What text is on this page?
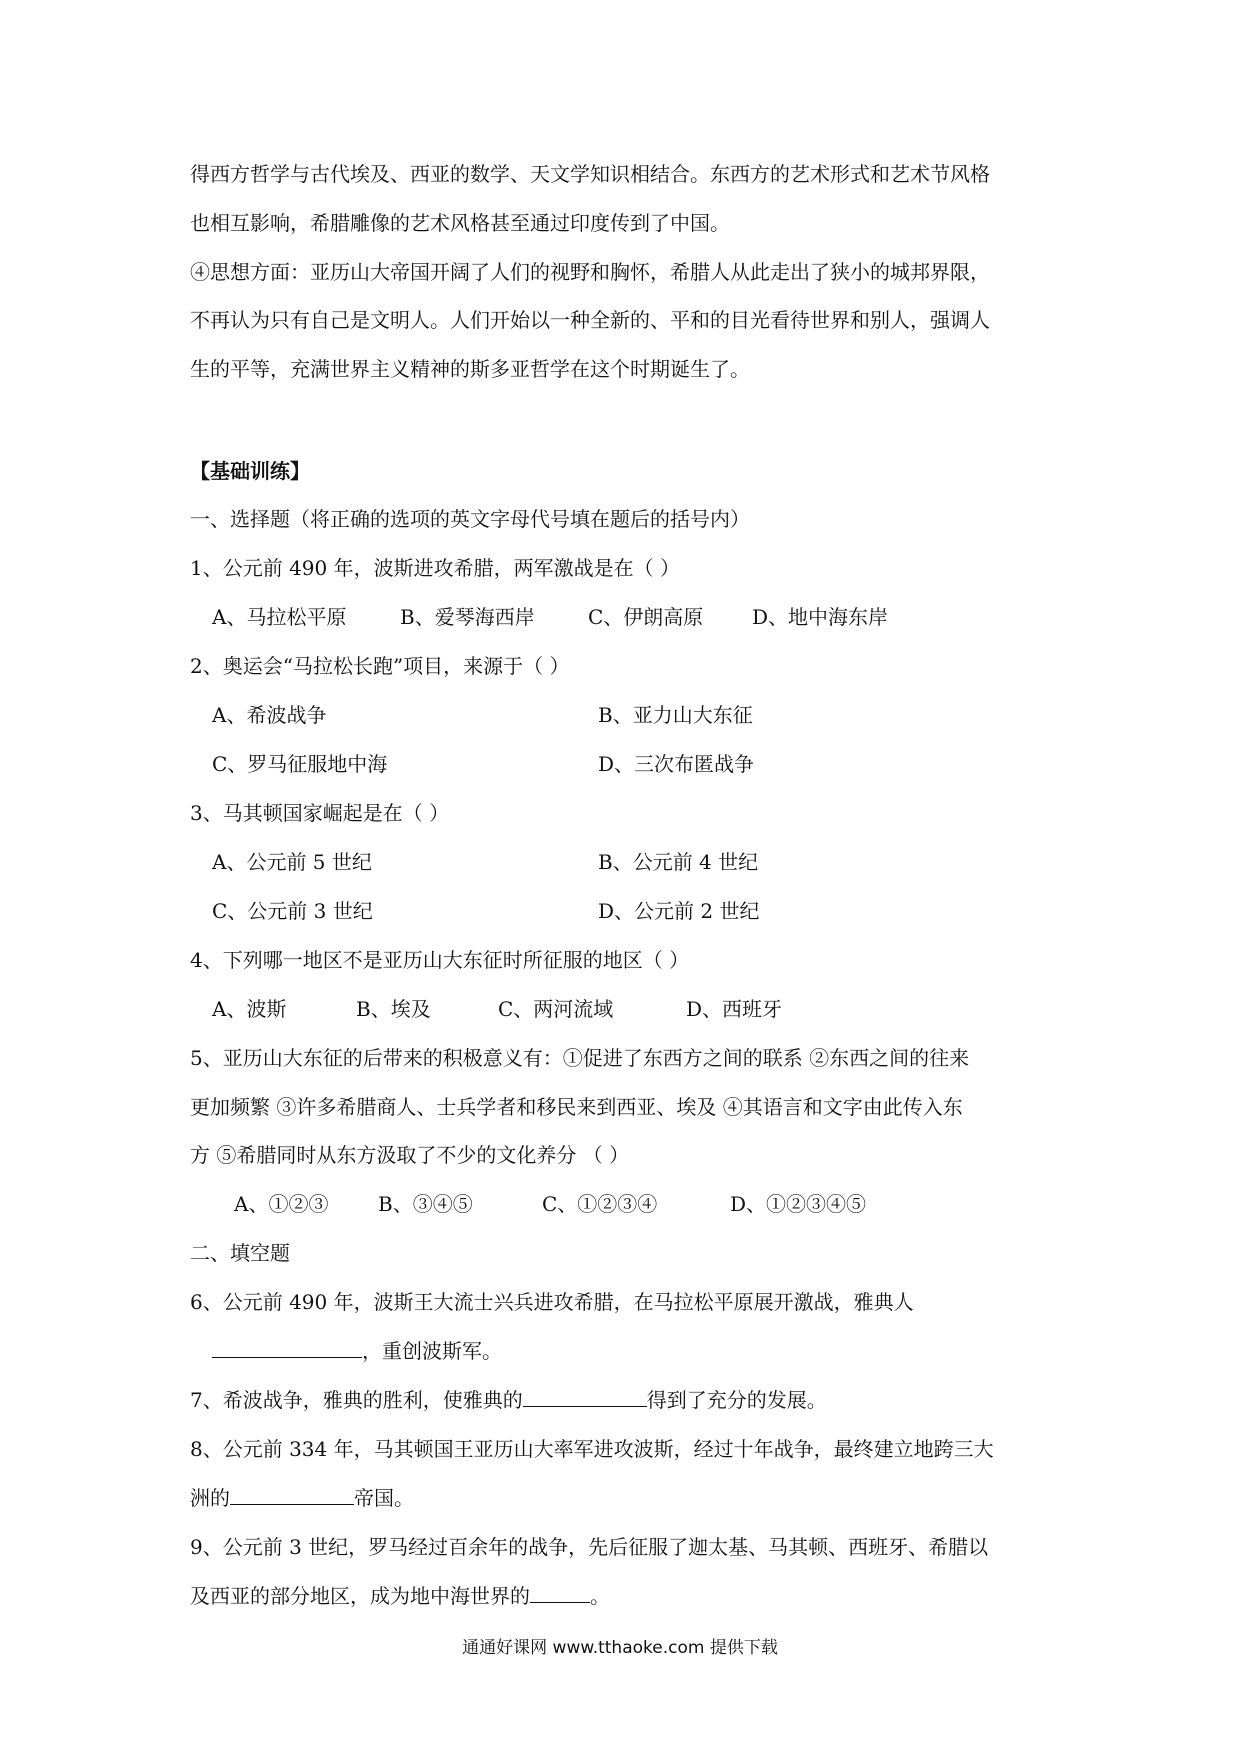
得西方哲学与古代埃及、西亚的数学、天文学知识相结合。东西方的艺术形式和艺术节风格
也相互影响，希腊雕像的艺术风格甚至通过印度传到了中国。
④思想方面：亚历山大帝国开阔了人们的视野和胸怀，希腊人从此走出了狭小的城邦界限，
不再认为只有自己是文明人。人们开始以一种全新的、平和的目光看待世界和别人，强调人
生的平等，充满世界主义精神的斯多亚哲学在这个时期诞生了。
【基础训练】
一、选择题（将正确的选项的英文字母代号填在题后的括号内）
1、公元前 490 年，波斯进攻希腊，两军激战是在（ ）
A、马拉松平原	B、爱琴海西岸	C、伊朗高原 D、地中海东岸
2、奥运会“马拉松长跑”项目，来源于（ ）
A、希波战争	B、亚力山大东征
C、罗马征服地中海	D、三次布匿战争
3、马其顿国家崛起是在（ ）
A、公元前 5 世纪	B、公元前 4 世纪
C、公元前 3 世纪	D、公元前 2 世纪
4、下列哪一地区不是亚历山大东征时所征服的地区（ ）
A、波斯	B、埃及	C、两河流域	D、西班牙
5、亚历山大东征的后带来的积极意义有：①促进了东西方之间的联系 ②东西之间的往来
更加频繁 ③许多希腊商人、士兵学者和移民来到西亚、埃及 ④其语言和文字由此传入东
方 ⑤希腊同时从东方汲取了不少的文化养分 （ ）
A、①②③ B、③④⑤	C、①②③④	D、①②③④⑤
二、填空题
6、公元前 490 年，波斯王大流士兴兵进攻希腊，在马拉松平原展开激战，雅典人
，重创波斯军。
7、希波战争，雅典的胜利，使雅典的	得到了充分的发展。
8、公元前 334 年，马其顿国王亚历山大率军进攻波斯，经过十年战争，最终建立地跨三大
洲的	帝国。
9、公元前 3 世纪，罗马经过百余年的战争，先后征服了迦太基、马其顿、西班牙、希腊以
及西亚的部分地区，成为地中海世界的	。
通通好课网 www.tthaoke.com 提供下载
